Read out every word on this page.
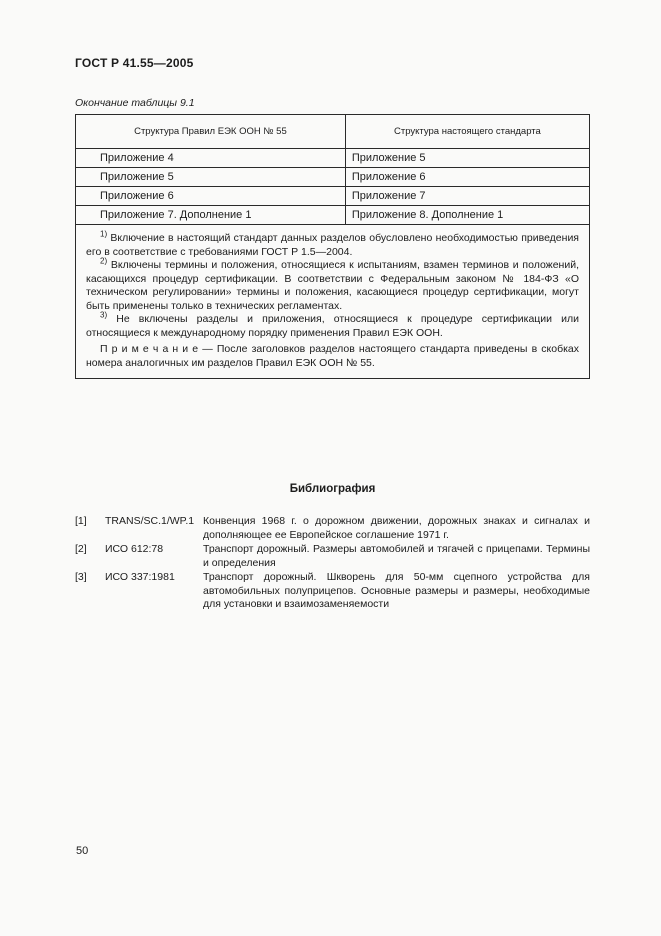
ГОСТ Р 41.55—2005
Окончание таблицы 9.1
Структура Правил ЕЭК ООН № 55	Структура настоящего стандарта
Приложение 4	Приложение 5
Приложение 5	Приложение 6
Приложение 6	Приложение 7
Приложение 7. Дополнение 1	Приложение 8. Дополнение 1

$^{1)}$ Включение в настоящий стандарт данных разделов обусловлено необходимостью приведения его в соответствие с требованиями ГОСТ Р 1.5—2004.

$^{2)}$ Включены термины и положения, относящиеся к испытаниям, взамен терминов и положений, касающихся процедур сертификации. В соответствии с Федеральным законом № 184-ФЗ «О техническом регулировании» термины и положения, касающиеся процедур сертификации, могут быть применены только в технических регламентах.

$^{3)}$ Не включены разделы и приложения, относящиеся к процедуре сертификации или относящиеся к международному порядку применения Правил ЕЭК ООН.

П р и м е ч а н и е — После заголовков разделов настоящего стандарта приведены в скобках номера аналогичных им разделов Правил ЕЭК ООН № 55.	

Библиография
[1]	TRANS/SC.1/WP.1 Конвенция 1968 г. о дорожном движении, дорожных знаках и сигналах и дополняющее ее Европейское соглашение 1971 г.
[2]	ИСО 612:78	Транспорт дорожный. Размеры автомобилей и тягачей с прицепами. Термины и определения
[3]	ИСО 337:1981	Транспорт дорожный. Шкворень для 50-мм сцепного устройства для автомобильных полуприцепов. Основные размеры и размеры, необходимые для установки и взаимозаменяемости
50
